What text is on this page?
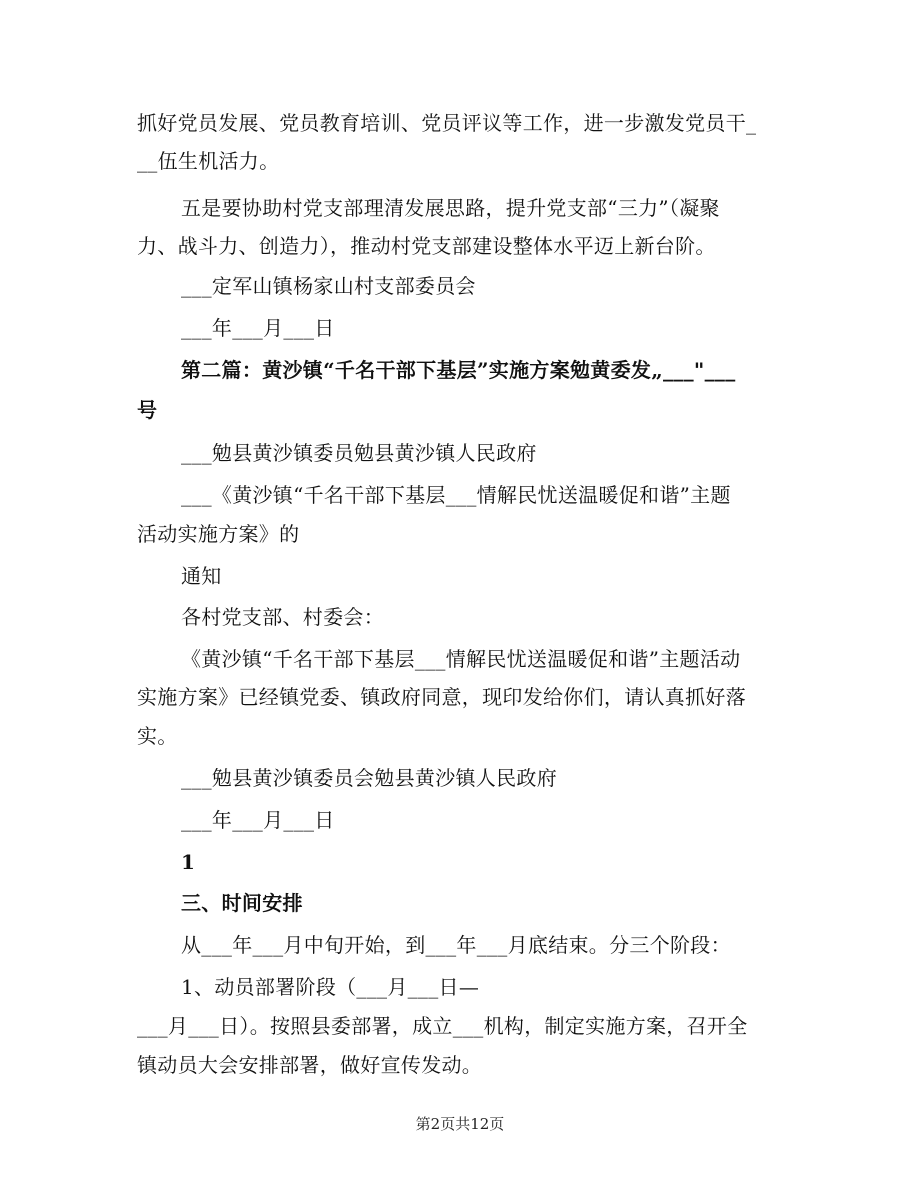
抓好党员发展、党员教育培训、党员评议等工作，进一步激发党员干_
__伍生机活力。
五是要协助村党支部理清发展思路，提升党支部“三力”（凝聚
力、战斗力、创造力），推动村党支部建设整体水平迈上新台阶。
___定军山镇杨家山村支部委员会
___年___月___日
第二篇：黄沙镇“千名干部下基层”实施方案勉黄委发„___"___
号
___勉县黄沙镇委员勉县黄沙镇人民政府
___《黄沙镇“千名干部下基层___情解民忧送温暖促和谐”主题
活动实施方案》的
通知
各村党支部、村委会：
《黄沙镇“千名干部下基层___情解民忧送温暖促和谐”主题活动
实施方案》已经镇党委、镇政府同意，现印发给你们，请认真抓好落
实。
___勉县黄沙镇委员会勉县黄沙镇人民政府
___年___月___日
1
三、时间安排
从___年___月中旬开始，到___年___月底结束。分三个阶段：
1、动员部署阶段（___月___日—
___月___日）。按照县委部署，成立___机构，制定实施方案，召开全
镇动员大会安排部署，做好宣传发动。
第2页共12页
